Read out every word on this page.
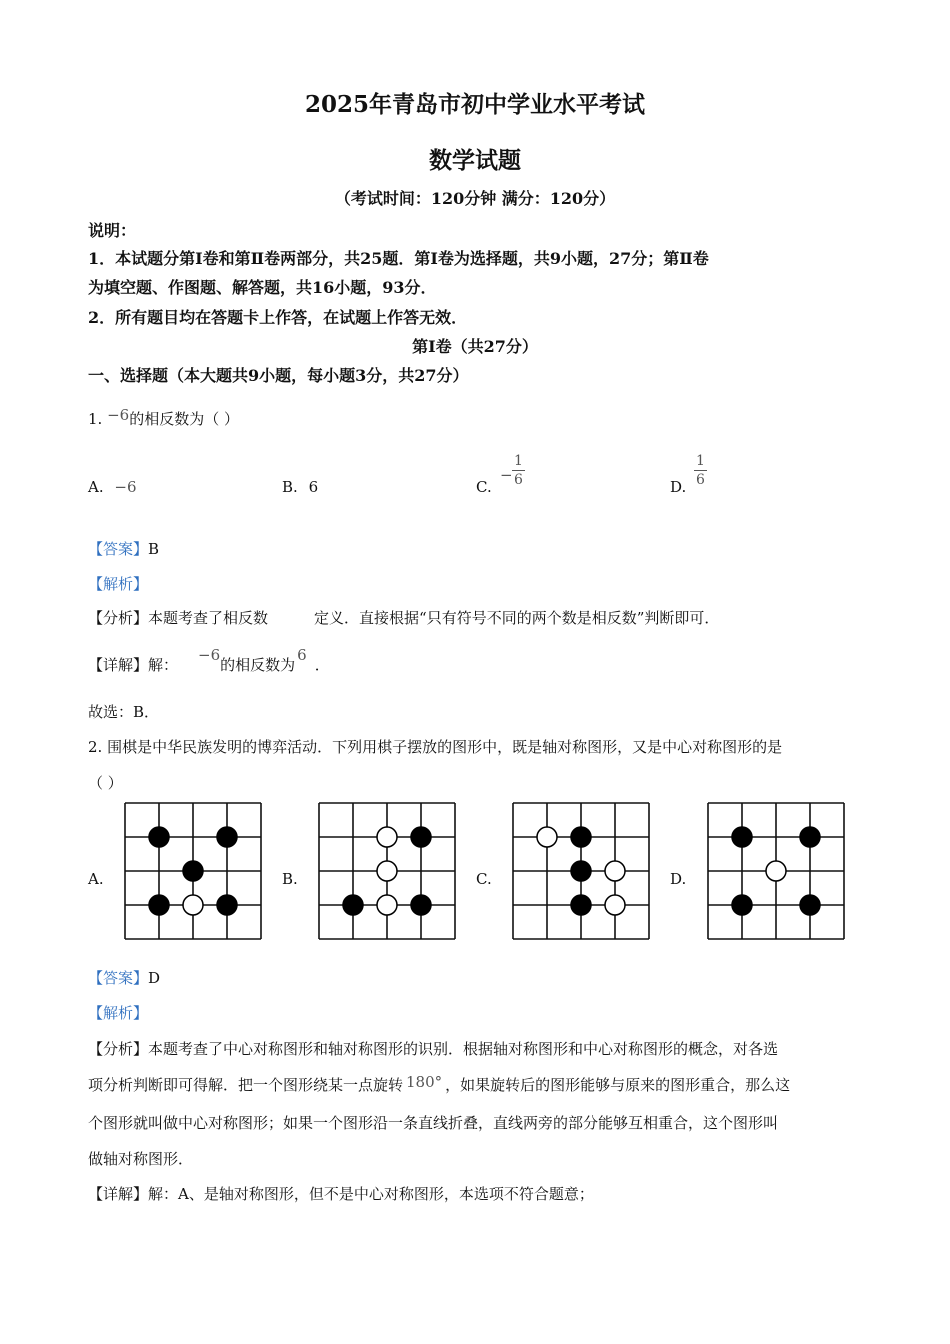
2025年青岛市初中学业水平考试
数学试题
（考试时间：120分钟 满分：120分）
说明：
1．本试题分第Ⅰ卷和第Ⅱ卷两部分，共25题．第Ⅰ卷为选择题，共9小题，27分；第Ⅱ卷
为填空题、作图题、解答题，共16小题，93分．
2．所有题目均在答题卡上作答，在试题上作答无效．
第Ⅰ卷（共27分）
一、选择题（本大题共9小题，每小题3分，共27分）
1. −6的相反数为（ ）
A. −6	B. 6	C.
− $\frac{1}{6}$	D. $\frac{1}{6}$
【答案】B
【解析】
【分析】本题考查了相反数	定义．直接根据“只有符号不同的两个数是相反数”判断即可．
【详解】解：−6的相反数为6．
故选：B．
2. 围棋是中华民族发明的博弈活动．下列用棋子摆放的图形中，既是轴对称图形，又是中心对称图形的是
（ ）
A.	B.	C.	D.
【答案】D
【解析】
【分析】本题考查了中心对称图形和轴对称图形的识别．根据轴对称图形和中心对称图形的概念，对各选
项分析判断即可得解．把一个图形绕某一点旋转 180° ，如果旋转后的图形能够与原来的图形重合，那么这
个图形就叫做中心对称图形；如果一个图形沿一条直线折叠，直线两旁的部分能够互相重合，这个图形叫
做轴对称图形．
【详解】解：A、是轴对称图形，但不是中心对称图形，本选项不符合题意；
